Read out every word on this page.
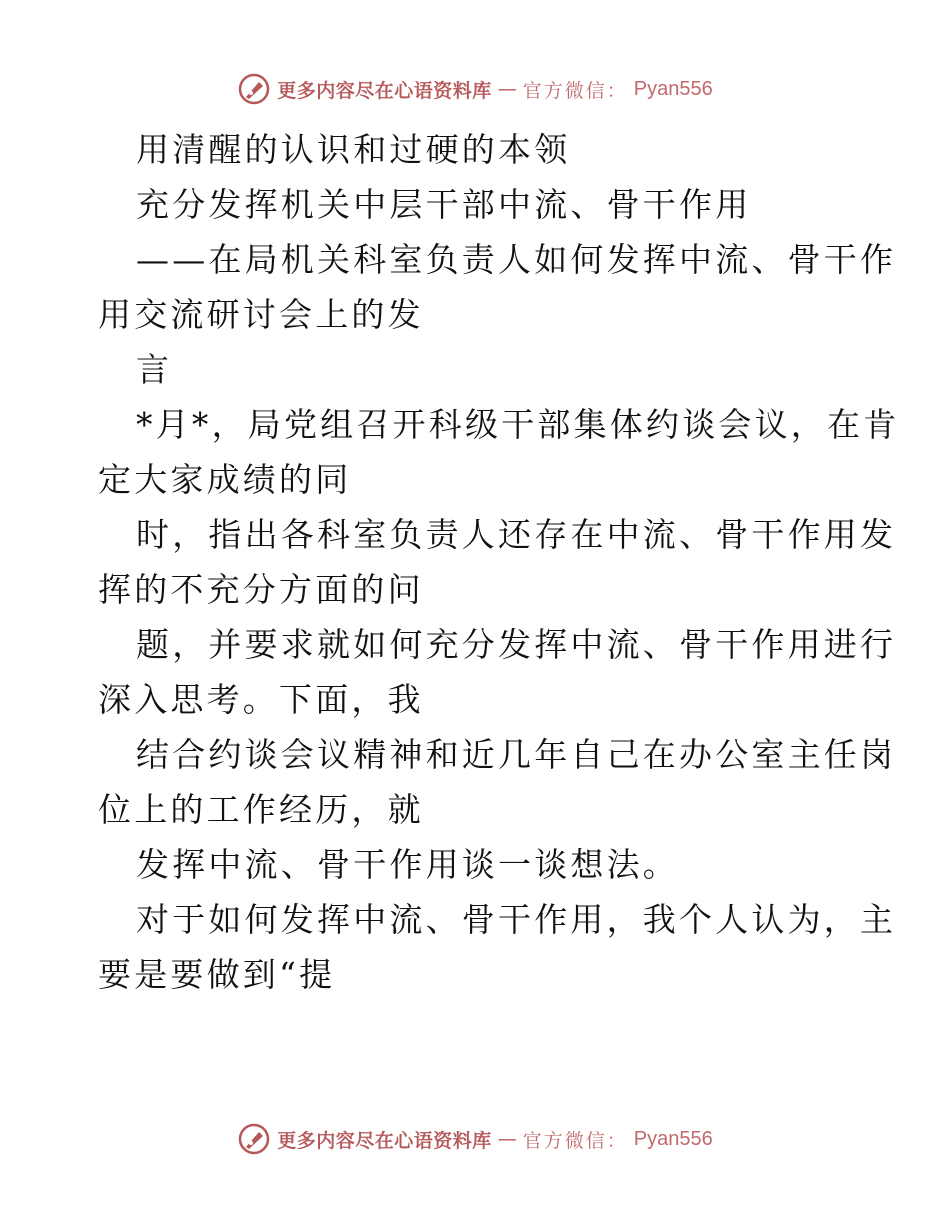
更多内容尽在心语资料库 — 官方微信： Pyan556
用清醒的认识和过硬的本领
充分发挥机关中层干部中流、骨干作用
——在局机关科室负责人如何发挥中流、骨干作
用交流研讨会上的发
言
*月*，局党组召开科级干部集体约谈会议，在肯
定大家成绩的同
时，指出各科室负责人还存在中流、骨干作用发
挥的不充分方面的问
题，并要求就如何充分发挥中流、骨干作用进行
深入思考。下面，我
结合约谈会议精神和近几年自己在办公室主任岗
位上的工作经历，就
发挥中流、骨干作用谈一谈想法。
对于如何发挥中流、骨干作用，我个人认为，主
要是要做到“提
更多内容尽在心语资料库 — 官方微信： Pyan556
